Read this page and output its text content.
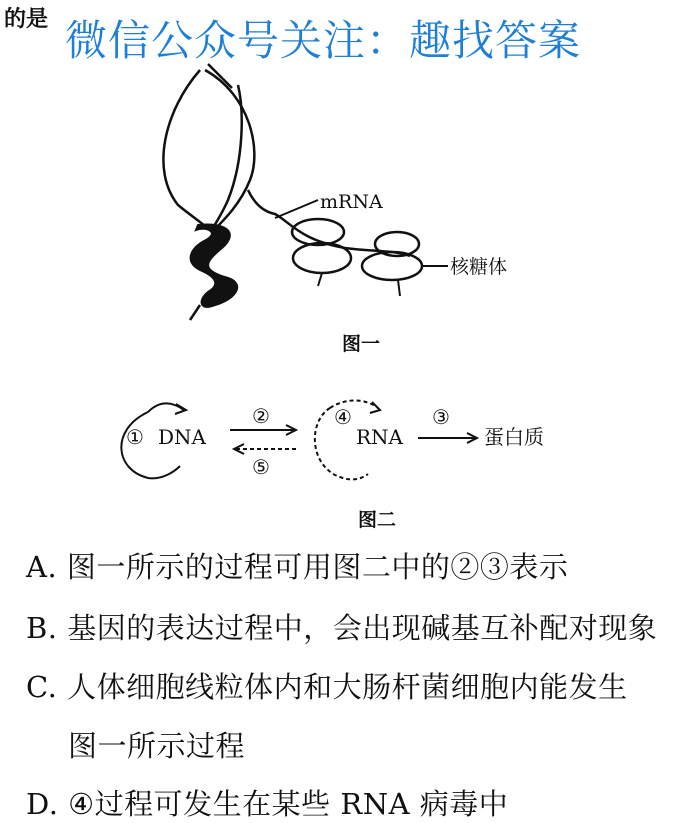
的是 微信公众号关注：趣找答案
mRNA
核糖体
图一
① DNA
②
⑤
④
RNA
③
蛋白质
图二
A. 图一所示的过程可用图二中的②③表示
B. 基因的表达过程中，会出现碱基互补配对现象
C. 人体细胞线粒体内和大肠杆菌细胞内能发生
图一所示过程
D. ④过程可发生在某些 RNA 病毒中
